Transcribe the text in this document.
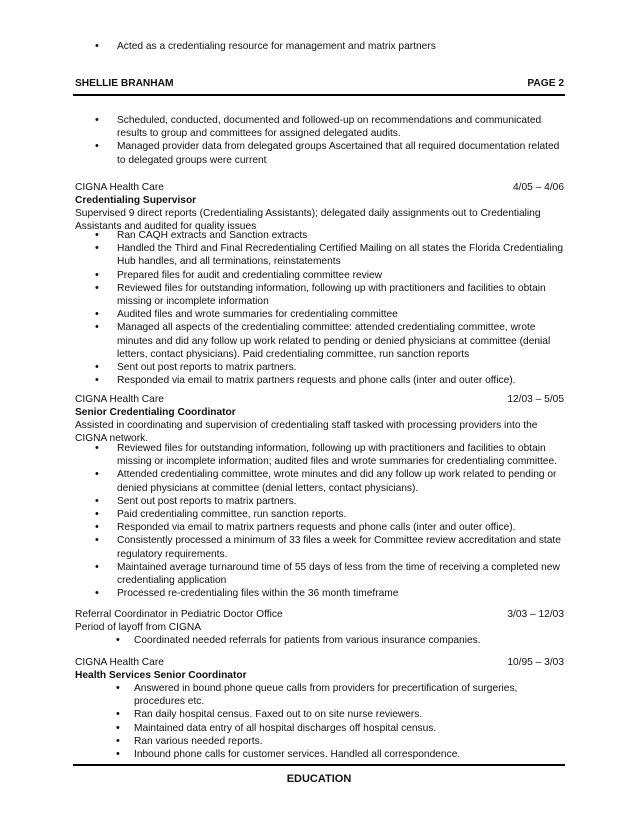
• Acted as a credentialing resource for management and matrix partners
SHELLIE BRANHAM	PAGE 2
• Scheduled, conducted, documented and followed-up on recommendations and communicated results to group and committees for assigned delegated audits.
• Managed provider data from delegated groups Ascertained that all required documentation related to delegated groups were current
CIGNA Health Care	4/05 – 4/06
Credentialing Supervisor
Supervised 9 direct reports (Credentialing Assistants); delegated daily assignments out to Credentialing Assistants and audited for quality issues
• Ran CAQH extracts and Sanction extracts
• Handled the Third and Final Recredentialing Certified Mailing on all states the Florida Credentialing Hub handles, and all terminations, reinstatements
• Prepared files for audit and credentialing committee review
• Reviewed files for outstanding information, following up with practitioners and facilities to obtain missing or incomplete information
• Audited files and wrote summaries for credentialing committee
• Managed all aspects of the credentialing committee: attended credentialing committee, wrote minutes and did any follow up work related to pending or denied physicians at committee (denial letters, contact physicians). Paid credentialing committee, run sanction reports
• Sent out post reports to matrix partners.
• Responded via email to matrix partners requests and phone calls (inter and outer office).
CIGNA Health Care	12/03 – 5/05
Senior Credentialing Coordinator
Assisted in coordinating and supervision of credentialing staff tasked with processing providers into the CIGNA network.
• Reviewed files for outstanding information, following up with practitioners and facilities to obtain missing or incomplete information; audited files and wrote summaries for credentialing committee.
• Attended credentialing committee, wrote minutes and did any follow up work related to pending or denied physicians at committee (denial letters, contact physicians).
• Sent out post reports to matrix partners.
• Paid credentialing committee, run sanction reports.
• Responded via email to matrix partners requests and phone calls (inter and outer office).
• Consistently processed a minimum of 33 files a week for Committee review accreditation and state regulatory requirements.
• Maintained average turnaround time of 55 days of less from the time of receiving a completed new credentialing application
• Processed re-credentialing files within the 36 month timeframe
Referral Coordinator in Pediatric Doctor Office	3/03 – 12/03
Period of layoff from CIGNA
• Coordinated needed referrals for patients from various insurance companies.
CIGNA Health Care	10/95 – 3/03
Health Services Senior Coordinator
• Answered in bound phone queue calls from providers for precertification of surgeries, procedures etc.
• Ran daily hospital census. Faxed out to on site nurse reviewers.
• Maintained data entry of all hospital discharges off hospital census.
• Ran various needed reports.
• Inbound phone calls for customer services. Handled all correspondence.
EDUCATION
